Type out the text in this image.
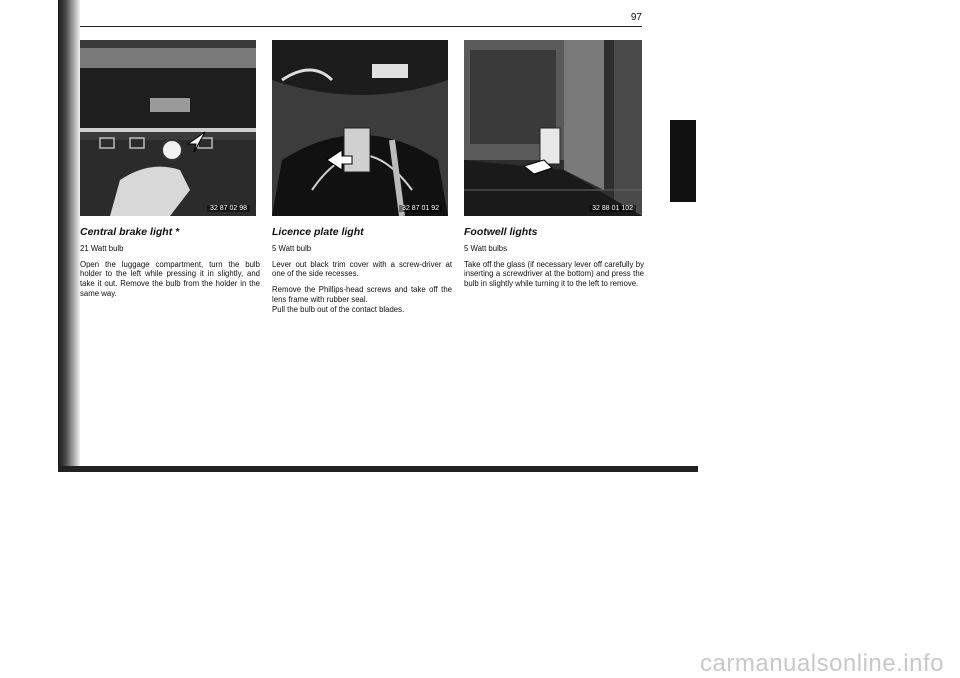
97
32 87 02 98	32 87 01 92	32 88 01 102
Central brake light *

21 Watt bulb

Open the luggage compartment, turn the bulb holder to the left while pressing it in slightly, and take it out. Remove the bulb from the holder in the same way.

Licence plate light

5 Watt bulb

Lever out black trim cover with a screw-driver at one of the side recesses.

Remove the Phillips-head screws and take off the lens frame with rubber seal.

Pull the bulb out of the contact blades.

Footwell lights

5 Watt bulbs

Take off the glass (if necessary lever off carefully by inserting a screwdriver at the bottom) and press the bulb in slightly while turning it to the left to remove.

carmanualsonline.info
